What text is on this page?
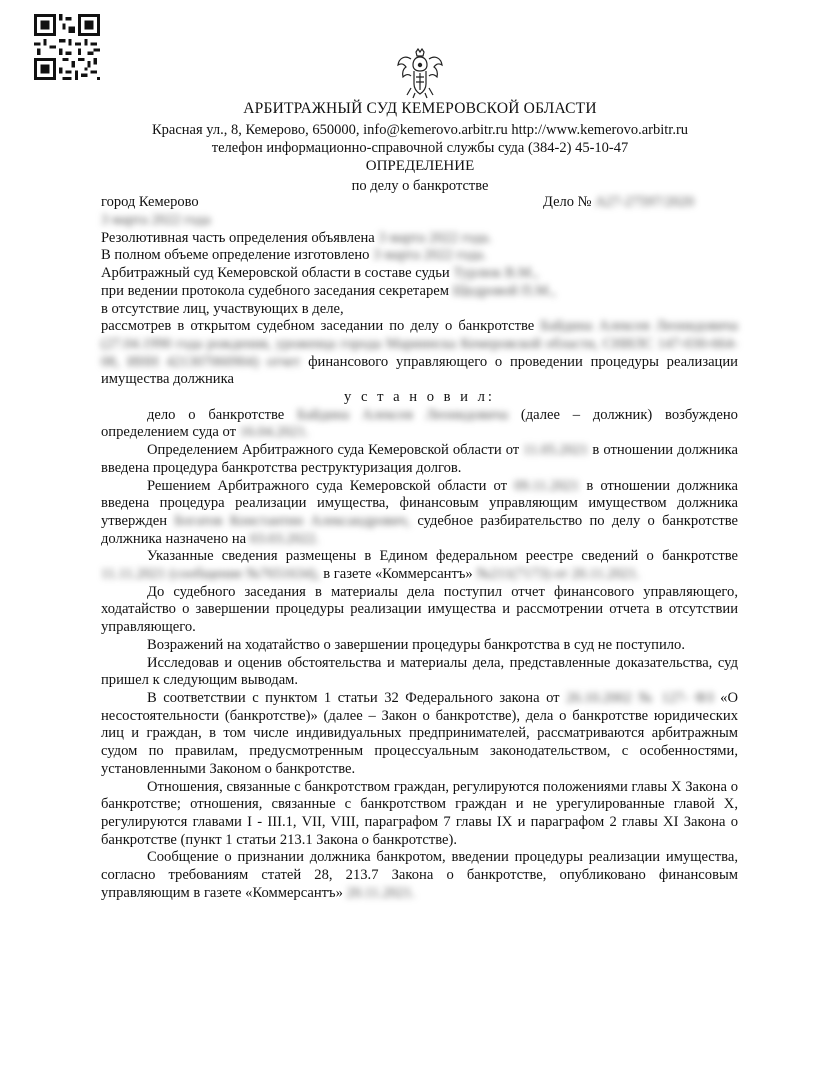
АРБИТРАЖНЫЙ СУД КЕМЕРОВСКОЙ ОБЛАСТИ
Красная ул., 8, Кемерово, 650000, info@kemerovo.arbitr.ru http://www.kemerovo.arbitr.ru
телефон информационно-справочной службы суда (384-2) 45-10-47
ОПРЕДЕЛЕНИЕ
по делу о банкротстве
город Кемерово	Дело № А27-27597/2020

3 марта 2022 года

Резолютивная часть определения объявлена 3 марта 2022 года.

В полном объеме определение изготовлено 3 марта 2022 года.

Арбитражный суд Кемеровской области в составе судьи Турлюк В.М.,

при ведении протокола судебного заседания секретарем Щедровой П.М.,

в отсутствие лиц, участвующих в деле,

рассмотрев в открытом судебном заседании по делу о банкротстве Байдина Алексея Леонидовича (27.04.1990 года рождения, уроженца города Мариинска Кемеровской области, СНИЛС 147-030-664-08, ИНН 421307060904) отчет финансового управляющего о проведении процедуры реализации имущества должника

у с т а н о в и л:

дело о банкротстве Байдина Алексея Леонидовича (далее – должник) возбуждено определением суда от 16.04.2021.

Определением Арбитражного суда Кемеровской области от 11.05.2021 в отношении должника введена процедура банкротства реструктуризация долгов.

Решением Арбитражного суда Кемеровской области от 09.11.2021 в отношении должника введена процедура реализации имущества, финансовым управляющим имуществом должника утвержден Богатов Константин Александрович, судебное разбирательство по делу о банкротстве должника назначено на 03.03.2022.

Указанные сведения размещены в Едином федеральном реестре сведений о банкротстве 11.11.2021 (сообщение №7651634), в газете «Коммерсантъ» №211(7173) от 20.11.2021.

До судебного заседания в материалы дела поступил отчет финансового управляющего, ходатайство о завершении процедуры реализации имущества и рассмотрении отчета в отсутствии управляющего.

Возражений на ходатайство о завершении процедуры банкротства в суд не поступило.

Исследовав и оценив обстоятельства и материалы дела, представленные доказательства, суд пришел к следующим выводам.

В соответствии с пунктом 1 статьи 32 Федерального закона от 26.10.2002 № 127- ФЗ «О несостоятельности (банкротстве)» (далее – Закон о банкротстве), дела о банкротстве юридических лиц и граждан, в том числе индивидуальных предпринимателей, рассматриваются арбитражным судом по правилам, предусмотренным процессуальным законодательством, с особенностями, установленными Законом о банкротстве.

Отношения, связанные с банкротством граждан, регулируются положениями главы X Закона о банкротстве; отношения, связанные с банкротством граждан и не урегулированные главой X, регулируются главами I - III.1, VII, VIII, параграфом 7 главы IX и параграфом 2 главы XI Закона о банкротстве (пункт 1 статьи 213.1 Закона о банкротстве).

Сообщение о признании должника банкротом, введении процедуры реализации имущества, согласно требованиям статей 28, 213.7 Закона о банкротстве, опубликовано финансовым управляющим в газете «Коммерсантъ» 20.11.2021.
